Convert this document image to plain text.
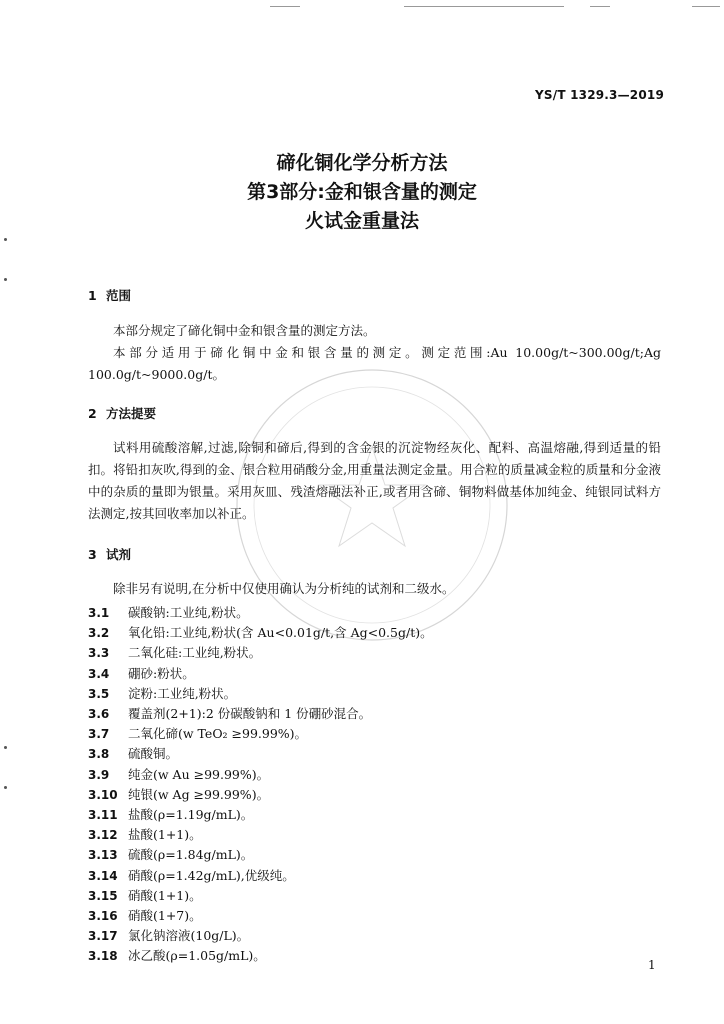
YS/T 1329.3—2019
碲化铜化学分析方法
第3部分:金和银含量的测定
火试金重量法
1 范围
本部分规定了碲化铜中金和银含量的测定方法。
本部分适用于碲化铜中金和银含量的测定。测定范围:Au 10.00g/t~300.00g/t;Ag 100.0g/t~9000.0g/t。
2 方法提要
试料用硫酸溶解,过滤,除铜和碲后,得到的含金银的沉淀物经灰化、配料、高温熔融,得到适量的铅扣。将铅扣灰吹,得到的金、银合粒用硝酸分金,用重量法测定金量。用合粒的质量减金粒的质量和分金液中的杂质的量即为银量。采用灰皿、残渣熔融法补正,或者用含碲、铜物料做基体加纯金、纯银同试料方法测定,按其回收率加以补正。
3 试剂
除非另有说明,在分析中仅使用确认为分析纯的试剂和二级水。
3.1 碳酸钠:工业纯,粉状。
3.2 氧化铅:工业纯,粉状(含 Au<0.01g/t,含 Ag<0.5g/t)。
3.3 二氧化硅:工业纯,粉状。
3.4 硼砂:粉状。
3.5 淀粉:工业纯,粉状。
3.6 覆盖剂(2+1):2 份碳酸钠和 1 份硼砂混合。
3.7 二氧化碲(w TeO₂ ≥99.99%)。
3.8 硫酸铜。
3.9 纯金(w Au ≥99.99%)。
3.10 纯银(w Ag ≥99.99%)。
3.11 盐酸(ρ=1.19g/mL)。
3.12 盐酸(1+1)。
3.13 硫酸(ρ=1.84g/mL)。
3.14 硝酸(ρ=1.42g/mL),优级纯。
3.15 硝酸(1+1)。
3.16 硝酸(1+7)。
3.17 氯化钠溶液(10g/L)。
3.18 冰乙酸(ρ=1.05g/mL)。
1
